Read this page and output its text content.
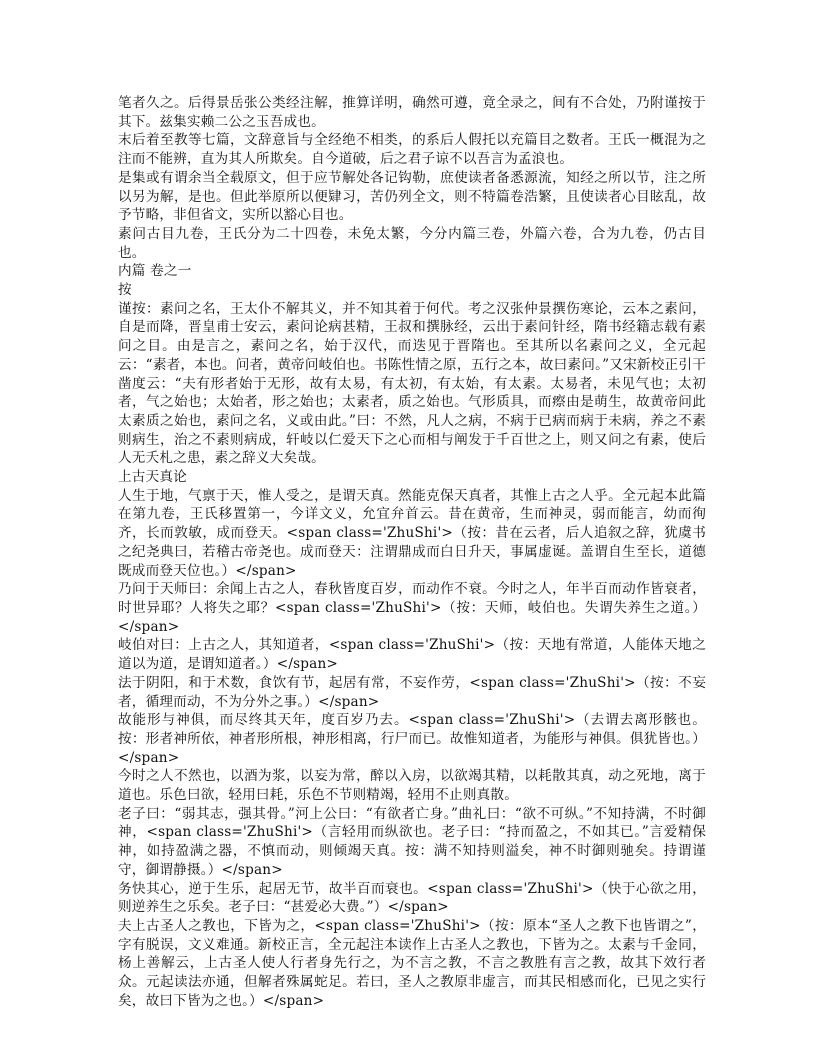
笔者久之。后得景岳张公类经注解，推算详明，确然可遵，竟全录之，间有不合处，乃附谨按于其下。兹集实赖二公之玉吾成也。

末后着至教等七篇，文辞意旨与全经绝不相类，的系后人假托以充篇目之数者。王氏一概混为之注而不能辨，直为其人所欺矣。自今道破，后之君子谅不以吾言为孟浪也。

是集或有谓余当全载原文，但于应节解处各记钩勒，庶使读者备悉源流，知经之所以节，注之所以另为解，是也。但此举原所以便肄习，苦仍列全文，则不特篇卷浩繁，且使读者心目眩乱，故予节略，非但省文，实所以豁心目也。

素问古目九卷，王氏分为二十四卷，未免太繁，今分内篇三卷，外篇六卷，合为九卷，仍古目也。

内篇 卷之一

按

谨按：素问之名，王太仆不解其义，并不知其着于何代。考之汉张仲景撰伤寒论，云本之素问，自是而降，晋皇甫士安云，素问论病甚精，王叔和撰脉经，云出于素问针经，隋书经籍志载有素问之目。由是言之，素问之名，始于汉代，而迭见于晋隋也。至其所以名素问之义，全元起云：“素者，本也。问者，黄帝问岐伯也。书陈性情之原，五行之本，故曰素问。”又宋新校正引干凿度云：“夫有形者始于无形，故有太易，有太初，有太始，有太素。太易者，未见气也；太初者，气之始也；太始者，形之始也；太素者，质之始也。气形质具，而瘵由是萌生，故黄帝问此太素质之始也，素问之名，义或由此。”曰：不然，凡人之病，不病于已病而病于未病，养之不素则病生，治之不素则病成，轩岐以仁爱天下之心而相与阐发于千百世之上，则又问之有素，使后人无夭札之患，素之辞义大矣哉。

上古天真论

人生于地，气禀于天，惟人受之，是谓天真。然能克保天真者，其惟上古之人乎。全元起本此篇在第九卷，王氏移置第一，今详文义，允宜弁首云。昔在黄帝，生而神灵，弱而能言，幼而徇齐，长而敦敏，成而登天。<span class='ZhuShi'>（按：昔在云者，后人追叙之辞，犹虞书之纪尧典曰，若稽古帝尧也。成而登天：注谓鼎成而白日升天，事属虚诞。盖谓自生至长，道德既成而登天位也。）</span>

乃问于天师曰：余闻上古之人，春秋皆度百岁，而动作不衰。今时之人，年半百而动作皆衰者，时世异耶？人将失之耶？<span class='ZhuShi'>（按：天师，岐伯也。失谓失养生之道。）</span>

岐伯对曰：上古之人，其知道者，<span class='ZhuShi'>（按：天地有常道，人能体天地之道以为道，是谓知道者。）</span>

法于阴阳，和于术数，食饮有节，起居有常，不妄作劳，<span class='ZhuShi'>（按：不妄者，循理而动，不为分外之事。）</span>

故能形与神俱，而尽终其天年，度百岁乃去。<span class='ZhuShi'>（去谓去离形骸也。按：形者神所依，神者形所根，神形相离，行尸而已。故惟知道者，为能形与神俱。俱犹皆也。）</span>

今时之人不然也，以酒为浆，以妄为常，醉以入房，以欲竭其精，以耗散其真，动之死地，离于道也。乐色曰欲，轻用曰耗，乐色不节则精竭，轻用不止则真散。

老子曰：“弱其志，强其骨。”河上公曰：“有欲者亡身。”曲礼曰：“欲不可纵。”不知持满，不时御神，<span class='ZhuShi'>（言轻用而纵欲也。老子曰：“持而盈之，不如其已。”言爱精保神，如持盈满之器，不慎而动，则倾竭天真。按：满不知持则溢矣，神不时御则驰矣。持谓谨守，御谓静摄。）</span>

务快其心，逆于生乐，起居无节，故半百而衰也。<span class='ZhuShi'>（快于心欲之用，则逆养生之乐矣。老子曰：“甚爱必大费。”）</span>

夫上古圣人之教也，下皆为之，<span class='ZhuShi'>（按：原本“圣人之教下也皆谓之”，字有脱误，文义难通。新校正言，全元起注本读作上古圣人之教也，下皆为之。太素与千金同，杨上善解云，上古圣人使人行者身先行之，为不言之教，不言之教胜有言之教，故其下效行者众。元起读法亦通，但解者殊属蛇足。若曰，圣人之教原非虚言，而其民相感而化，已见之实行矣，故曰下皆为之也。）</span>
